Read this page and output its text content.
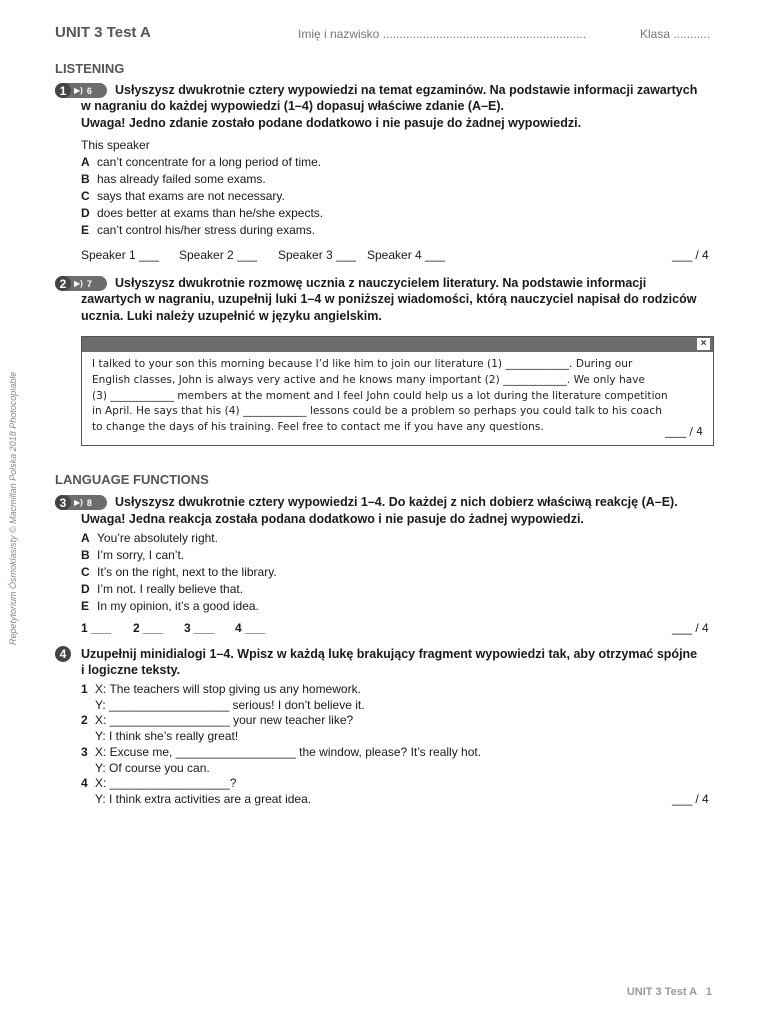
UNIT 3 Test A	Imię i nazwisko .............................................................	Klasa ...........
LISTENING
1 ▶) 6 Usłyszysz dwukrotnie cztery wypowiedzi na temat egzaminów. Na podstawie informacji zawartych
w nagraniu do każdej wypowiedzi (1–4) dopasuj właściwe zdanie (A–E).
Uwaga! Jedno zdanie zostało podane dodatkowo i nie pasuje do żadnej wypowiedzi.
This speaker
A can’t concentrate for a long period of time.
B has already failed some exams.
C says that exams are not necessary.
D does better at exams than he/she expects.
E can’t control his/her stress during exams.
Speaker 1 ___ Speaker 2 ___ Speaker 3 ___ Speaker 4 ___	___ / 4
2 ▶) 7 Usłyszysz dwukrotnie rozmowę ucznia z nauczycielem literatury. Na podstawie informacji
zawartych w nagraniu, uzupełnij luki 1–4 w poniższej wiadomości, którą nauczyciel napisał do rodziców
ucznia. Luki należy uzupełnić w języku angielskim.
×
I talked to your son this morning because I’d like him to join our literature (1) ____________. During our
English classes, John is always very active and he knows many important (2) ____________. We only have
(3) ____________ members at the moment and I feel John could help us a lot during the literature competition
in April. He says that his (4) ____________ lessons could be a problem so perhaps you could talk to his coach
to change the days of his training. Feel free to contact me if you have any questions.	____ / 4
LANGUAGE FUNCTIONS
3 ▶) 8 Usłyszysz dwukrotnie cztery wypowiedzi 1–4. Do każdej z nich dobierz właściwą reakcję (A–E).
Uwaga! Jedna reakcja została podana dodatkowo i nie pasuje do żadnej wypowiedzi.
A You’re absolutely right.
B I’m sorry, I can’t.
C It’s on the right, next to the library.
D I’m not. I really believe that.
E In my opinion, it’s a good idea.
1 ___ 2 ___ 3 ___ 4 ___	___ / 4
4	Uzupełnij minidialogi 1–4. Wpisz w każdą lukę brakujący fragment wypowiedzi tak, aby otrzymać spójne
i logiczne teksty.
1 X: The teachers will stop giving us any homework.
Y: __________________ serious! I don’t believe it.
2 X: __________________ your new teacher like?
Y: I think she’s really great!
3 X: Excuse me, __________________ the window, please? It’s really hot.
Y: Of course you can.
4 X: __________________?
Y: I think extra activities are a great idea.	___ / 4
Repetytorium Ósmoklasisty © Macmillan Polska 2018 Photocopiable
UNIT 3 Test A 1
